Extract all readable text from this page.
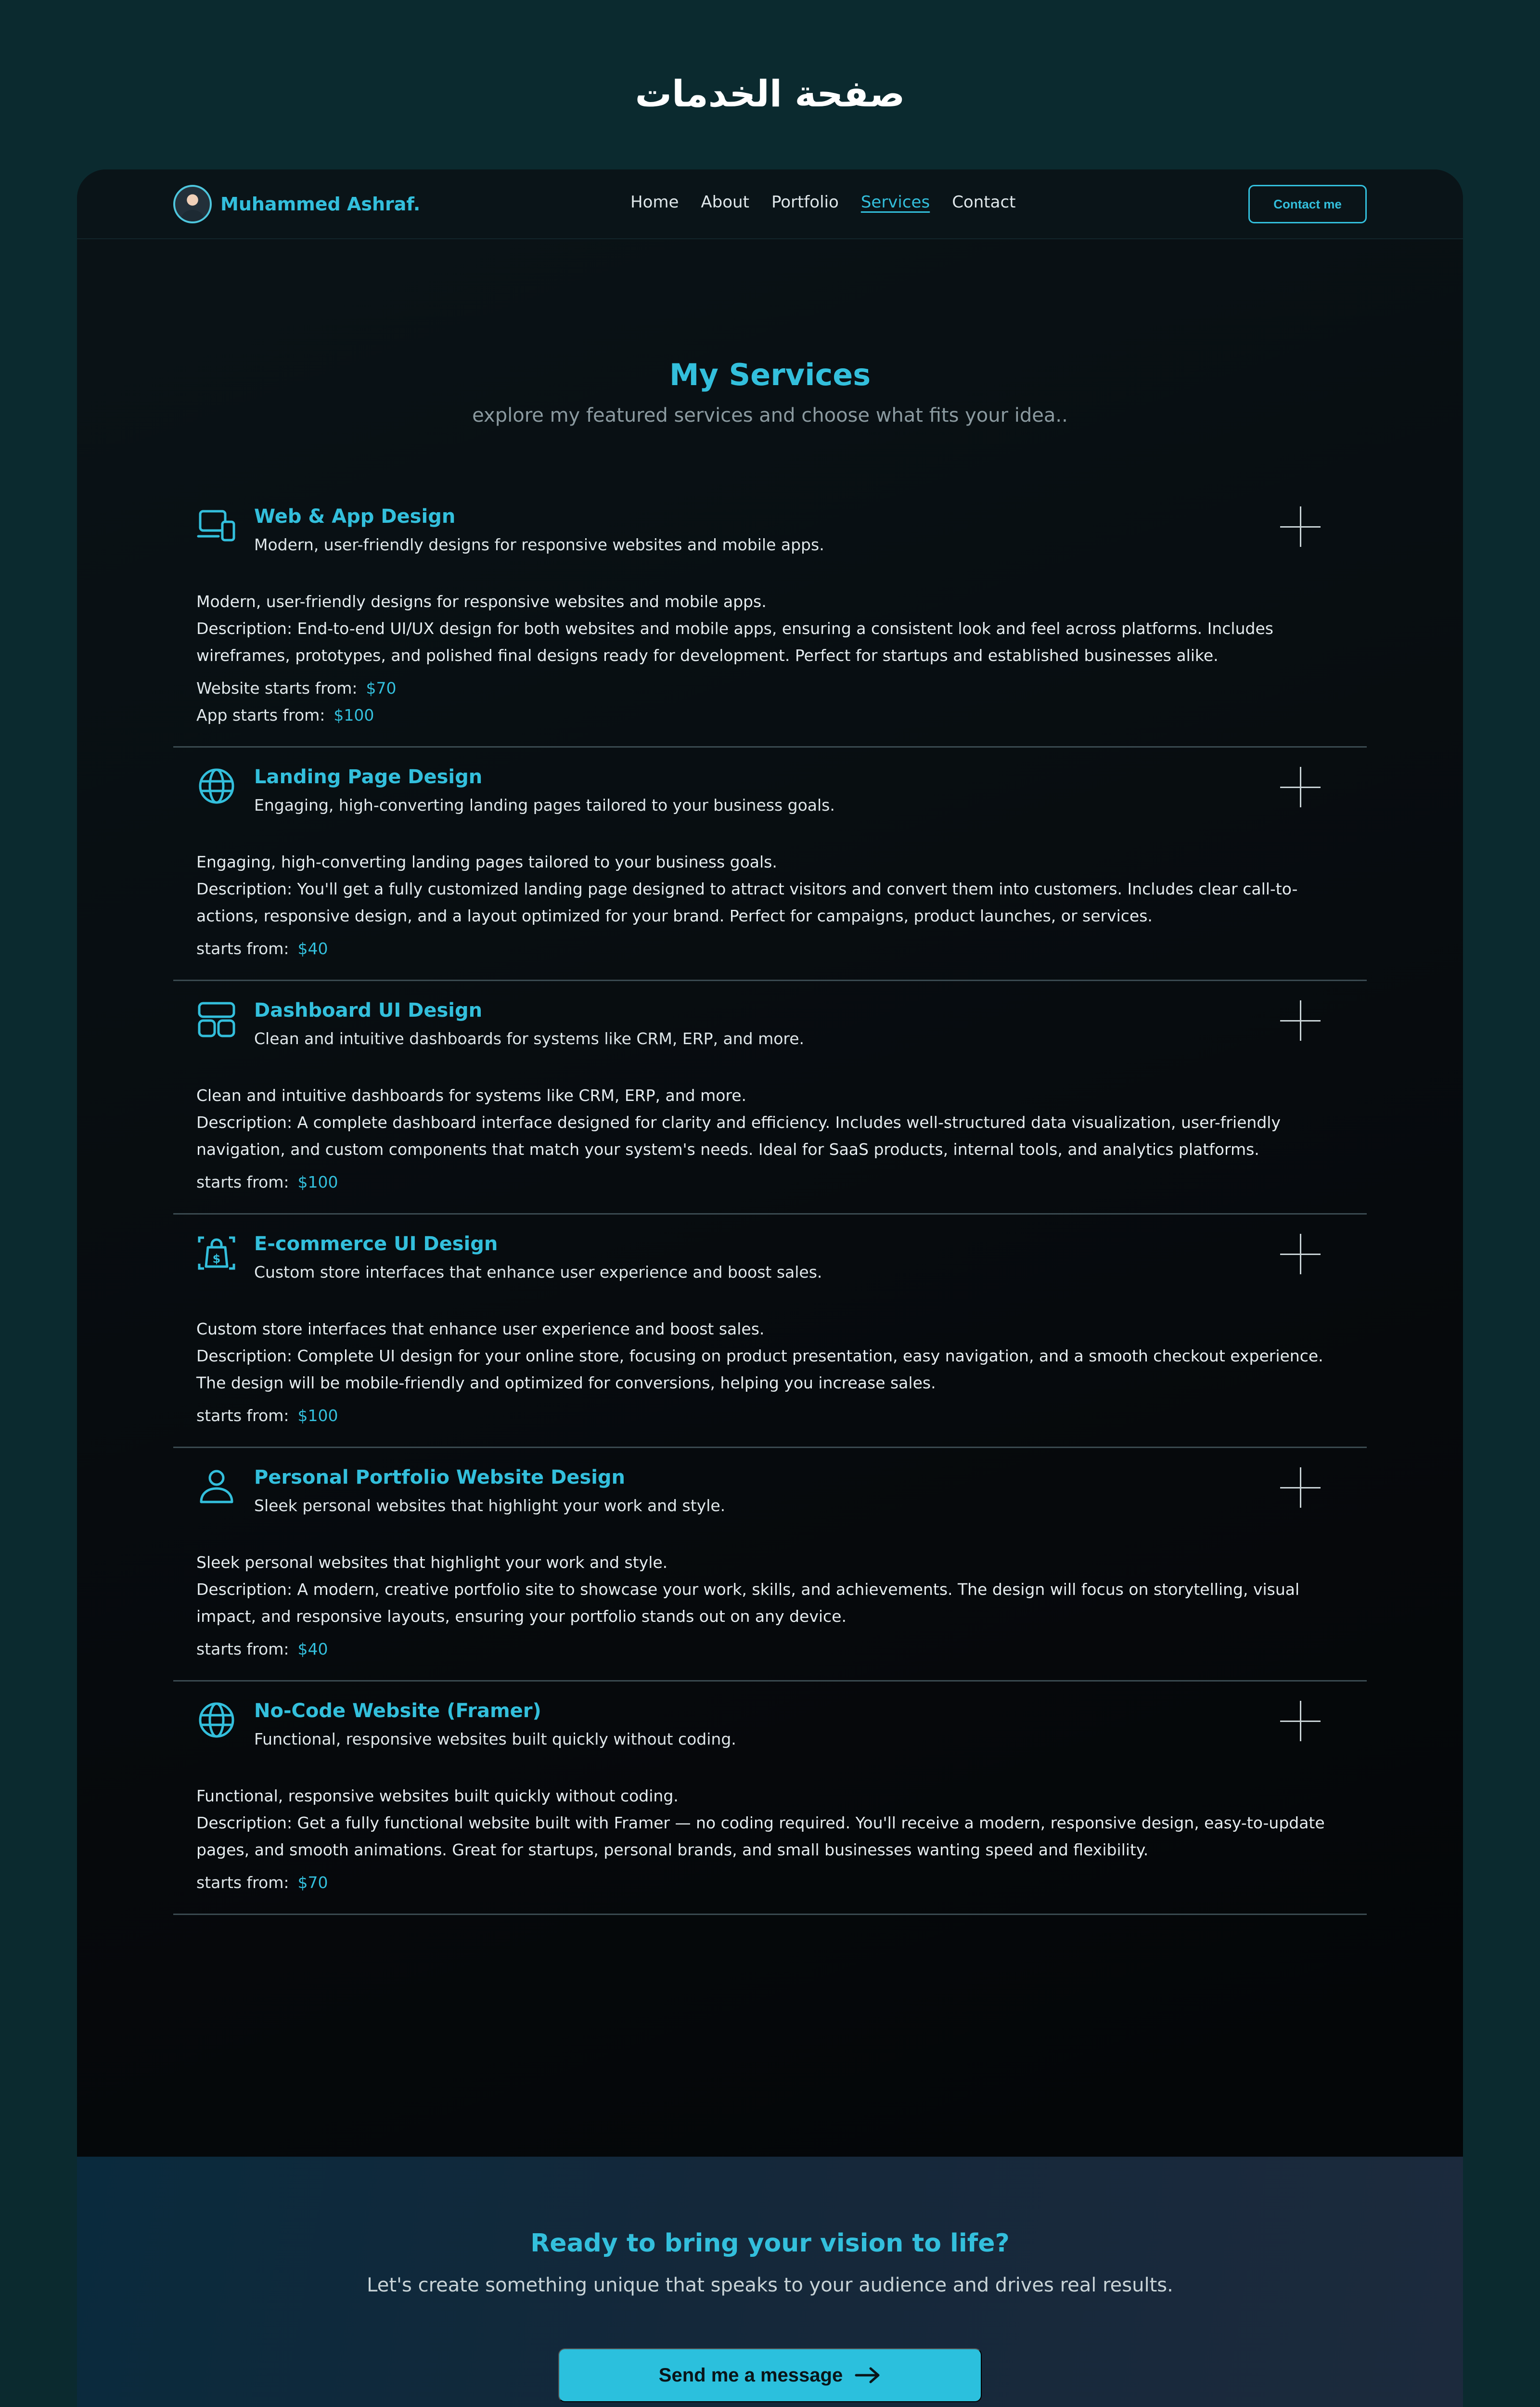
صفحة الخدمات
Muhammed Ashraf.	Home About Portfolio Services Contact	Contact me
My Services
explore my featured services and choose what fits your idea..
Web & App Design
Modern, user-friendly designs for responsive websites and mobile apps.
Modern, user-friendly designs for responsive websites and mobile apps.
Description: End-to-end UI/UX design for both websites and mobile apps, ensuring a consistent look and feel across platforms. Includes wireframes, prototypes, and polished final designs ready for development. Perfect for startups and established businesses alike.
Website starts from: $70
App starts from: $100
Landing Page Design
Engaging, high-converting landing pages tailored to your business goals.
Engaging, high-converting landing pages tailored to your business goals.
Description: You'll get a fully customized landing page designed to attract visitors and convert them into customers. Includes clear call-to-actions, responsive design, and a layout optimized for your brand. Perfect for campaigns, product launches, or services.
starts from: $40
Dashboard UI Design
Clean and intuitive dashboards for systems like CRM, ERP, and more.
Clean and intuitive dashboards for systems like CRM, ERP, and more.
Description: A complete dashboard interface designed for clarity and efficiency. Includes well-structured data visualization, user-friendly navigation, and custom components that match your system's needs. Ideal for SaaS products, internal tools, and analytics platforms.
starts from: $100
$
E-commerce UI Design
Custom store interfaces that enhance user experience and boost sales.
Custom store interfaces that enhance user experience and boost sales.
Description: Complete UI design for your online store, focusing on product presentation, easy navigation, and a smooth checkout experience. The design will be mobile-friendly and optimized for conversions, helping you increase sales.
starts from: $100
Personal Portfolio Website Design
Sleek personal websites that highlight your work and style.
Sleek personal websites that highlight your work and style.
Description: A modern, creative portfolio site to showcase your work, skills, and achievements. The design will focus on storytelling, visual impact, and responsive layouts, ensuring your portfolio stands out on any device.
starts from: $40
No-Code Website (Framer)
Functional, responsive websites built quickly without coding.
Functional, responsive websites built quickly without coding.
Description: Get a fully functional website built with Framer — no coding required. You'll receive a modern, responsive design, easy-to-update pages, and smooth animations. Great for startups, personal brands, and small businesses wanting speed and flexibility.
starts from: $70
Ready to bring your vision to life?
Let's create something unique that speaks to your audience and drives real results.
Send me a message
